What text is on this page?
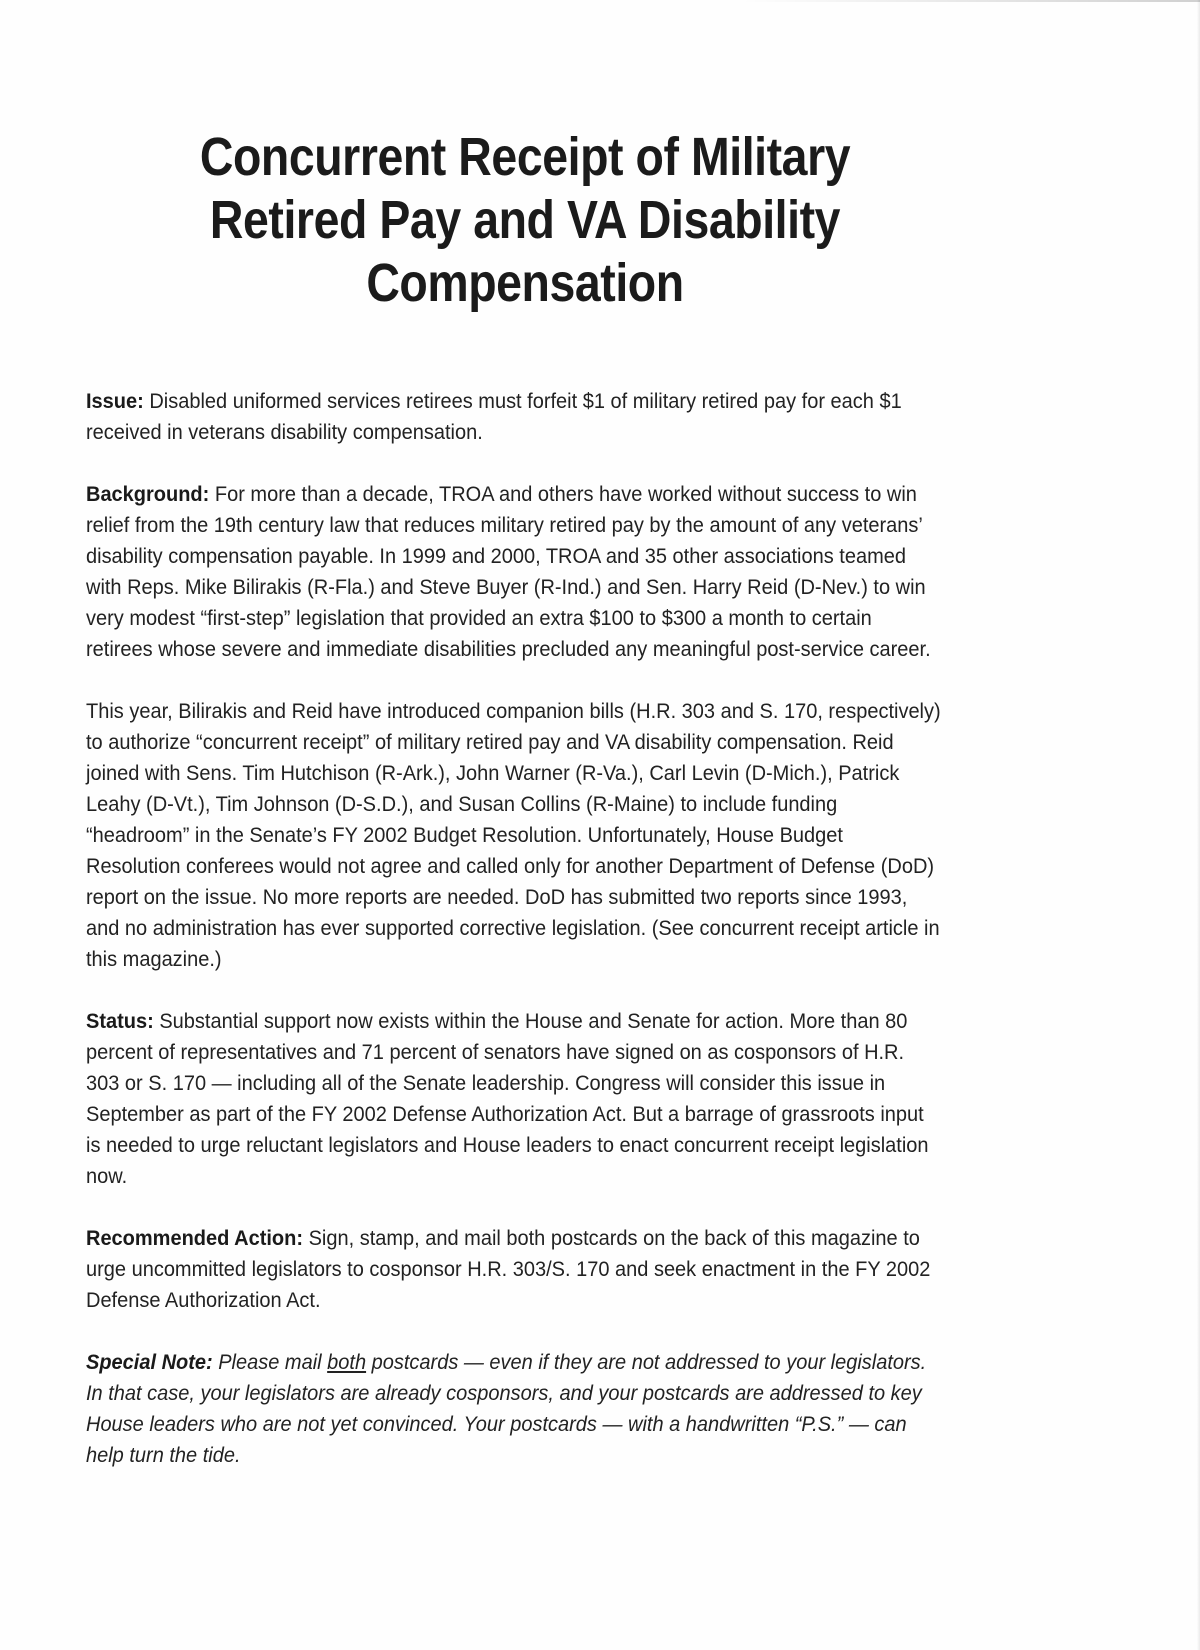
Concurrent Receipt of Military Retired Pay and VA Disability Compensation

Issue: Disabled uniformed services retirees must forfeit $1 of military retired pay for each $1 received in veterans disability compensation.

Background: For more than a decade, TROA and others have worked without success to win relief from the 19th century law that reduces military retired pay by the amount of any veterans’ disability compensation payable. In 1999 and 2000, TROA and 35 other associations teamed with Reps. Mike Bilirakis (R-Fla.) and Steve Buyer (R-Ind.) and Sen. Harry Reid (D-Nev.) to win very modest “first-step” legislation that provided an extra $100 to $300 a month to certain retirees whose severe and immediate disabilities precluded any meaningful post-service career.

This year, Bilirakis and Reid have introduced companion bills (H.R. 303 and S. 170, respectively) to authorize “concurrent receipt” of military retired pay and VA disability compensation. Reid joined with Sens. Tim Hutchison (R-Ark.), John Warner (R-Va.), Carl Levin (D-Mich.), Patrick Leahy (D-Vt.), Tim Johnson (D-S.D.), and Susan Collins (R-Maine) to include funding “headroom” in the Senate’s FY 2002 Budget Resolution. Unfortunately, House Budget Resolution conferees would not agree and called only for another Department of Defense (DoD) report on the issue. No more reports are needed. DoD has submitted two reports since 1993, and no administration has ever supported corrective legislation. (See concurrent receipt article in this magazine.)

Status: Substantial support now exists within the House and Senate for action. More than 80 percent of representatives and 71 percent of senators have signed on as cosponsors of H.R. 303 or S. 170 — including all of the Senate leadership. Congress will consider this issue in September as part of the FY 2002 Defense Authorization Act. But a barrage of grassroots input is needed to urge reluctant legislators and House leaders to enact concurrent receipt legislation now.

Recommended Action: Sign, stamp, and mail both postcards on the back of this magazine to urge uncommitted legislators to cosponsor H.R. 303/S. 170 and seek enactment in the FY 2002 Defense Authorization Act.

Special Note: Please mail both postcards — even if they are not addressed to your legislators. In that case, your legislators are already cosponsors, and your postcards are addressed to key House leaders who are not yet convinced. Your postcards — with a handwritten “P.S.” — can help turn the tide.
